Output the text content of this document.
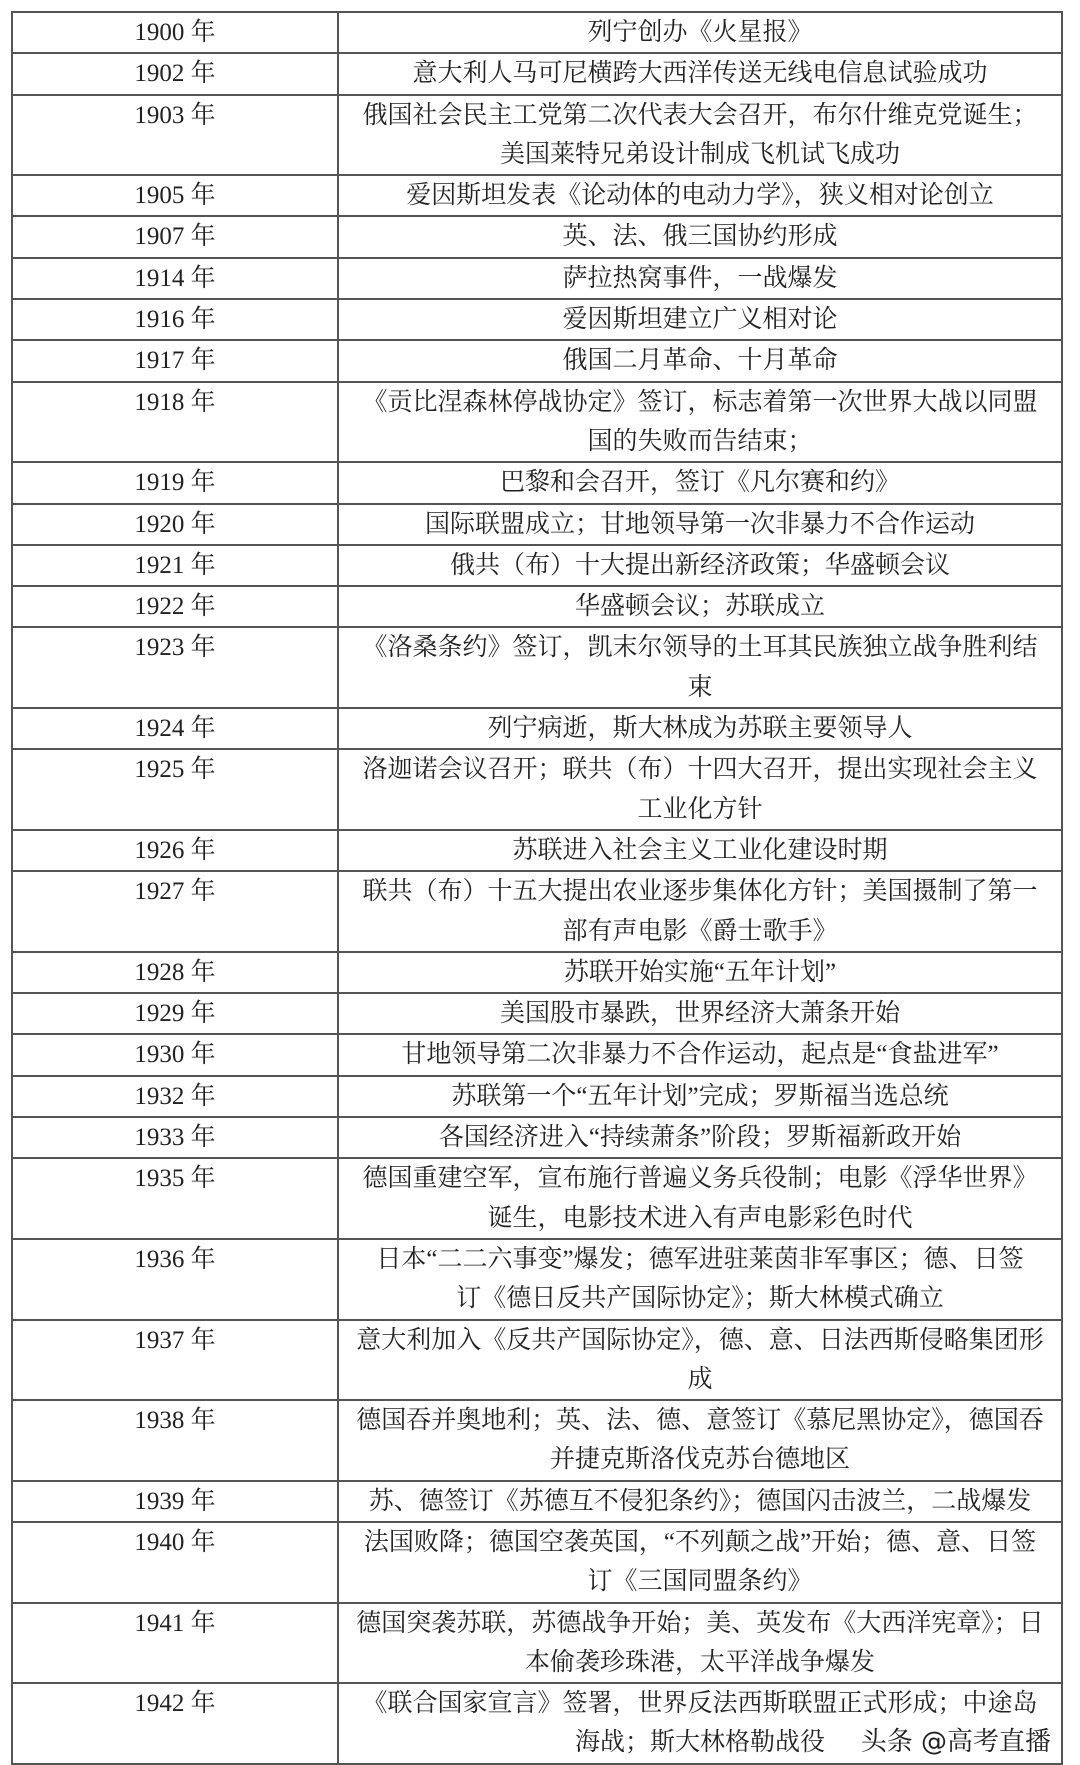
1900 年	列宁创办《火星报》

1902 年	意大利人马可尼横跨大西洋传送无线电信息试验成功

1903 年	俄国社会民主工党第二次代表大会召开，布尔什维克党诞生；
美国莱特兄弟设计制成飞机试飞成功

1905 年	爱因斯坦发表《论动体的电动力学》，狭义相对论创立

1907 年	英、法、俄三国协约形成

1914 年	萨拉热窝事件，一战爆发

1916 年	爱因斯坦建立广义相对论

1917 年	俄国二月革命、十月革命

1918 年	《贡比涅森林停战协定》签订，标志着第一次世界大战以同盟
国的失败而告结束；

1919 年	巴黎和会召开，签订《凡尔赛和约》

1920 年	国际联盟成立；甘地领导第一次非暴力不合作运动

1921 年	俄共（布）十大提出新经济政策；华盛顿会议

1922 年	华盛顿会议；苏联成立

1923 年	《洛桑条约》签订，凯末尔领导的土耳其民族独立战争胜利结
束

1924 年	列宁病逝，斯大林成为苏联主要领导人

1925 年	洛迦诺会议召开；联共（布）十四大召开，提出实现社会主义
工业化方针

1926 年	苏联进入社会主义工业化建设时期

1927 年	联共（布）十五大提出农业逐步集体化方针；美国摄制了第一
部有声电影《爵士歌手》

1928 年	苏联开始实施“五年计划”

1929 年	美国股市暴跌，世界经济大萧条开始

1930 年	甘地领导第二次非暴力不合作运动，起点是“食盐进军”

1932 年	苏联第一个“五年计划”完成；罗斯福当选总统

1933 年	各国经济进入“持续萧条”阶段；罗斯福新政开始

1935 年	德国重建空军，宣布施行普遍义务兵役制；电影《浮华世界》
诞生，电影技术进入有声电影彩色时代

1936 年	日本“二二六事变”爆发；德军进驻莱茵非军事区；德、日签
订《德日反共产国际协定》；斯大林模式确立

1937 年	意大利加入《反共产国际协定》，德、意、日法西斯侵略集团形
成

1938 年	德国吞并奥地利；英、法、德、意签订《慕尼黑协定》，德国吞
并捷克斯洛伐克苏台德地区

1939 年	苏、德签订《苏德互不侵犯条约》；德国闪击波兰，二战爆发

1940 年	法国败降；德国空袭英国，“不列颠之战”开始；德、意、日签
订《三国同盟条约》

1941 年	德国突袭苏联，苏德战争开始；美、英发布《大西洋宪章》；日
本偷袭珍珠港，太平洋战争爆发

1942 年	《联合国家宣言》签署，世界反法西斯联盟正式形成；中途岛
海战；斯大林格勒战役 头条 @高考直播
